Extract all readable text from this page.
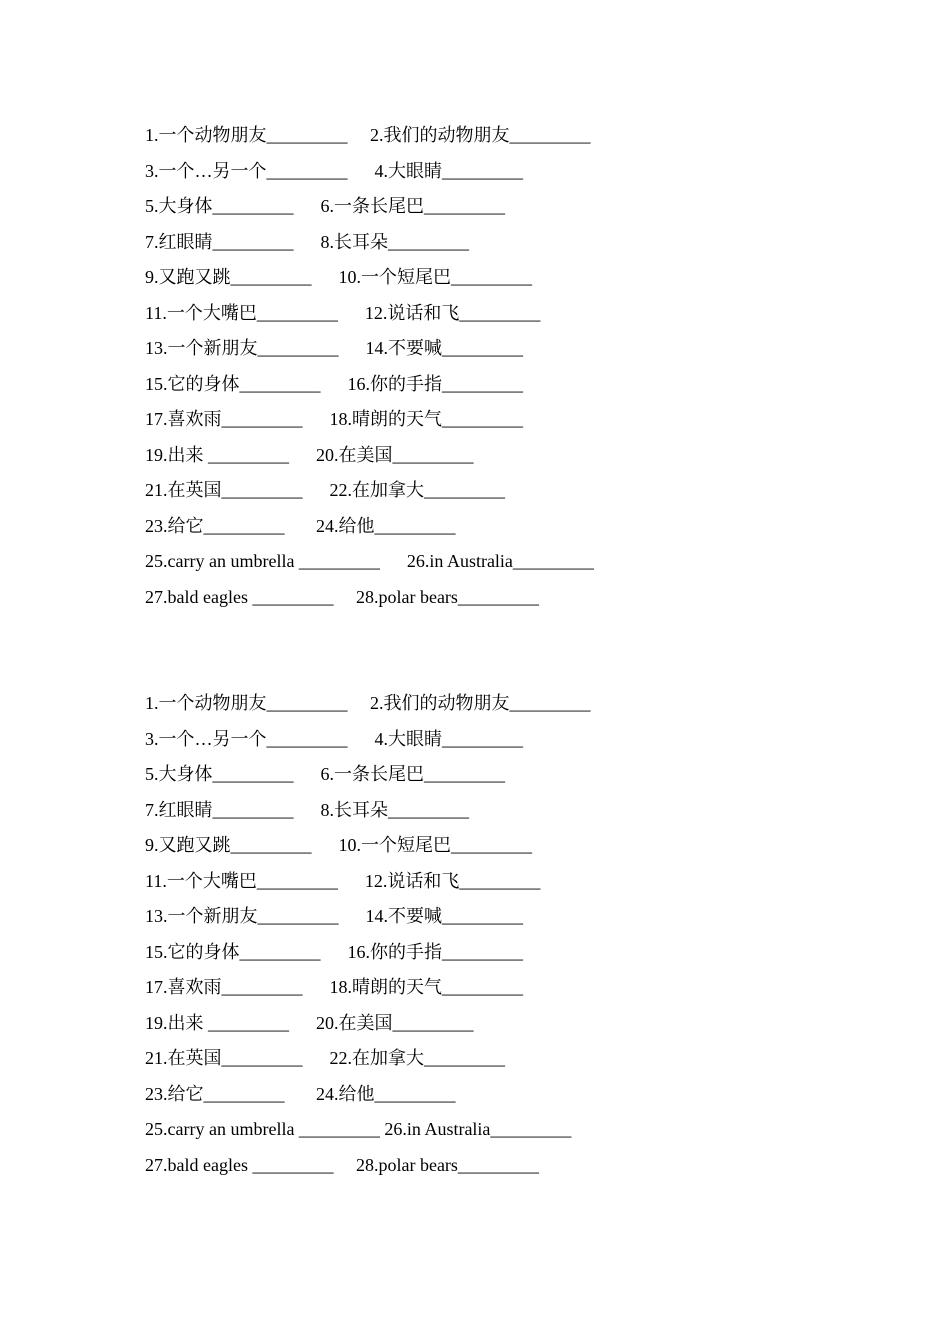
1.一个动物朋友_________     2.我们的动物朋友_________
3.一个…另一个_________      4.大眼睛_________
5.大身体_________      6.一条长尾巴_________
7.红眼睛_________      8.长耳朵_________
9.又跑又跳_________      10.一个短尾巴_________
11.一个大嘴巴_________      12.说话和飞_________
13.一个新朋友_________      14.不要喊_________
15.它的身体_________      16.你的手指_________
17.喜欢雨_________      18.晴朗的天气_________
19.出来 _________      20.在美国_________
21.在英国_________      22.在加拿大_________
23.给它_________       24.给他_________
25.carry an umbrella _________      26.in Australia_________
27.bald eagles _________     28.polar bears_________
1.一个动物朋友_________     2.我们的动物朋友_________
3.一个…另一个_________      4.大眼睛_________
5.大身体_________      6.一条长尾巴_________
7.红眼睛_________      8.长耳朵_________
9.又跑又跳_________      10.一个短尾巴_________
11.一个大嘴巴_________      12.说话和飞_________
13.一个新朋友_________      14.不要喊_________
15.它的身体_________      16.你的手指_________
17.喜欢雨_________      18.晴朗的天气_________
19.出来 _________      20.在美国_________
21.在英国_________      22.在加拿大_________
23.给它_________       24.给他_________
25.carry an umbrella _________ 26.in Australia_________
27.bald eagles _________     28.polar bears_________
